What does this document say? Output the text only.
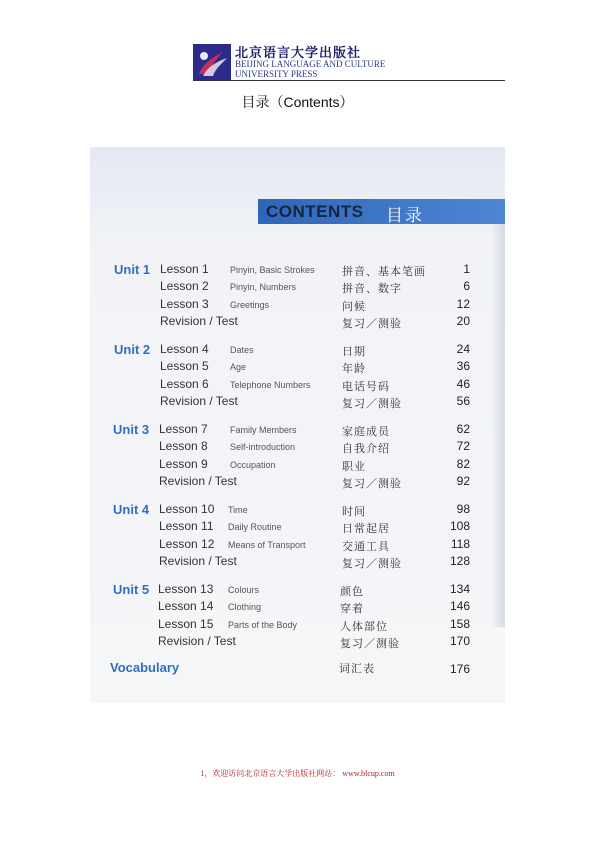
北京语言大学出版社
BEIJING LANGUAGE AND CULTURE
UNIVERSITY PRESS
目录（Contents）
CONTENTS 目录
Unit 1 Lesson 1 Pinyin, Basic Strokes 拼音、基本笔画	1
Lesson 2 Pinyin, Numbers	拼音、数字	6
Lesson 3 Greetings	问候	12
Revision / Test	复习／测验	20
Unit 2 Lesson 4 Dates	日期	24
Lesson 5 Age	年龄	36
Lesson 6 Telephone Numbers	电话号码	46
Revision / Test	复习／测验	56
Unit 3 Lesson 7 Family Members	家庭成员	62
Lesson 8 Self-introduction	自我介绍	72
Lesson 9 Occupation	职业	82
Revision / Test	复习／测验	92
Unit 4 Lesson 10 Time	时间	98
Lesson 11 Daily Routine	日常起居	108
Lesson 12 Means of Transport	交通工具	118
Revision / Test	复习／测验	128
Unit 5 Lesson 13 Colours	颜色	134
Lesson 14 Clothing	穿着	146
Lesson 15 Parts of the Body	人体部位	158
Revision / Test	复习／测验	170
Vocabulary	词汇表	176
1，欢迎访问北京语言大学出版社网站： www.blcup.com
